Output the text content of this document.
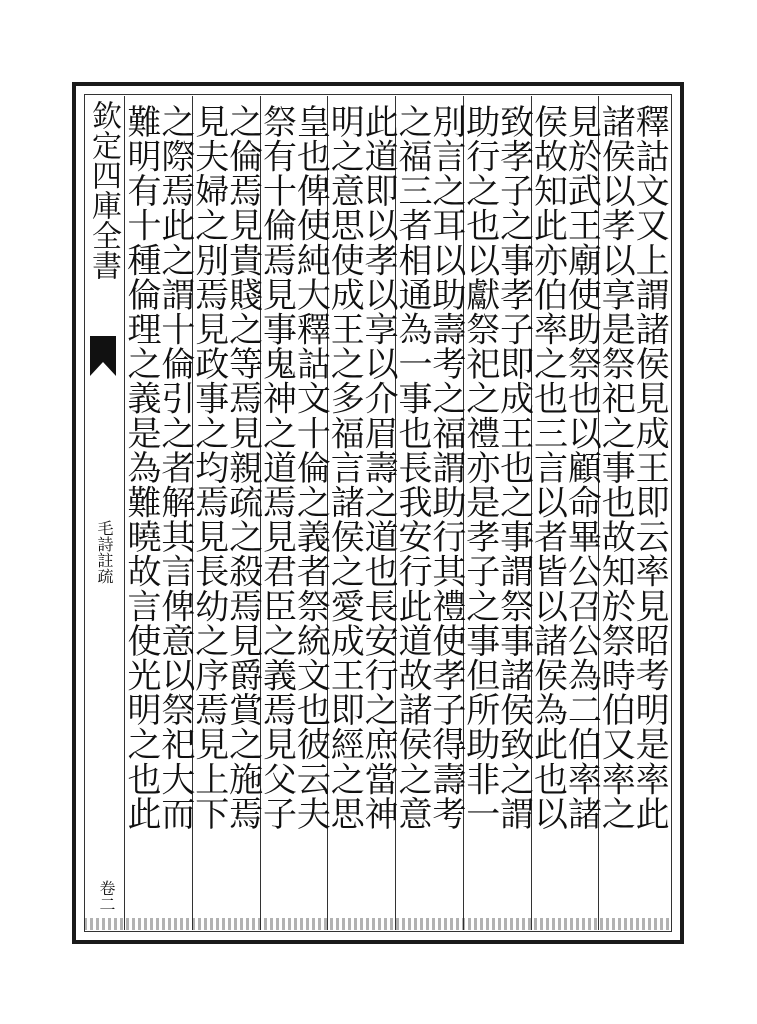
欽定四庫全書
毛詩註疏
卷二
釋詁文又上謂諸侯見成王即云率見昭考明是率此
諸侯以孝以享是祭祀之事也故知於祭時伯又率之
見於武王廟使助祭也以顧命畢公召公為二伯率諸
侯故知此亦伯率之也三言以者皆以諸侯為此也以
致孝子之事孝子即成王也之事謂祭事諸侯致之謂
助行之也以獻祭祀之禮亦是孝子之事但所助非一
別言之耳以助壽考之福謂助行其禮使孝子得壽考
之福三者相通為一事也長我安行此道故諸侯之意
此道即以孝以享以介眉壽之道也長安行之庶當神
明之意思使成王之多福言諸侯之愛成王即經之思
皇也俾使純大釋詁文十倫之義者祭統文也彼云夫
祭有十倫焉見事鬼神之道焉見君臣之義焉見父子
之倫焉見貴賤之等焉見親疏之殺焉見爵賞之施焉
見夫婦之別焉見政事之均焉見長幼之序焉見上下
之際焉此之謂十倫引之者解其言俾意以祭祀大而
難明有十種倫理之義是為難曉故言使光明之也此
